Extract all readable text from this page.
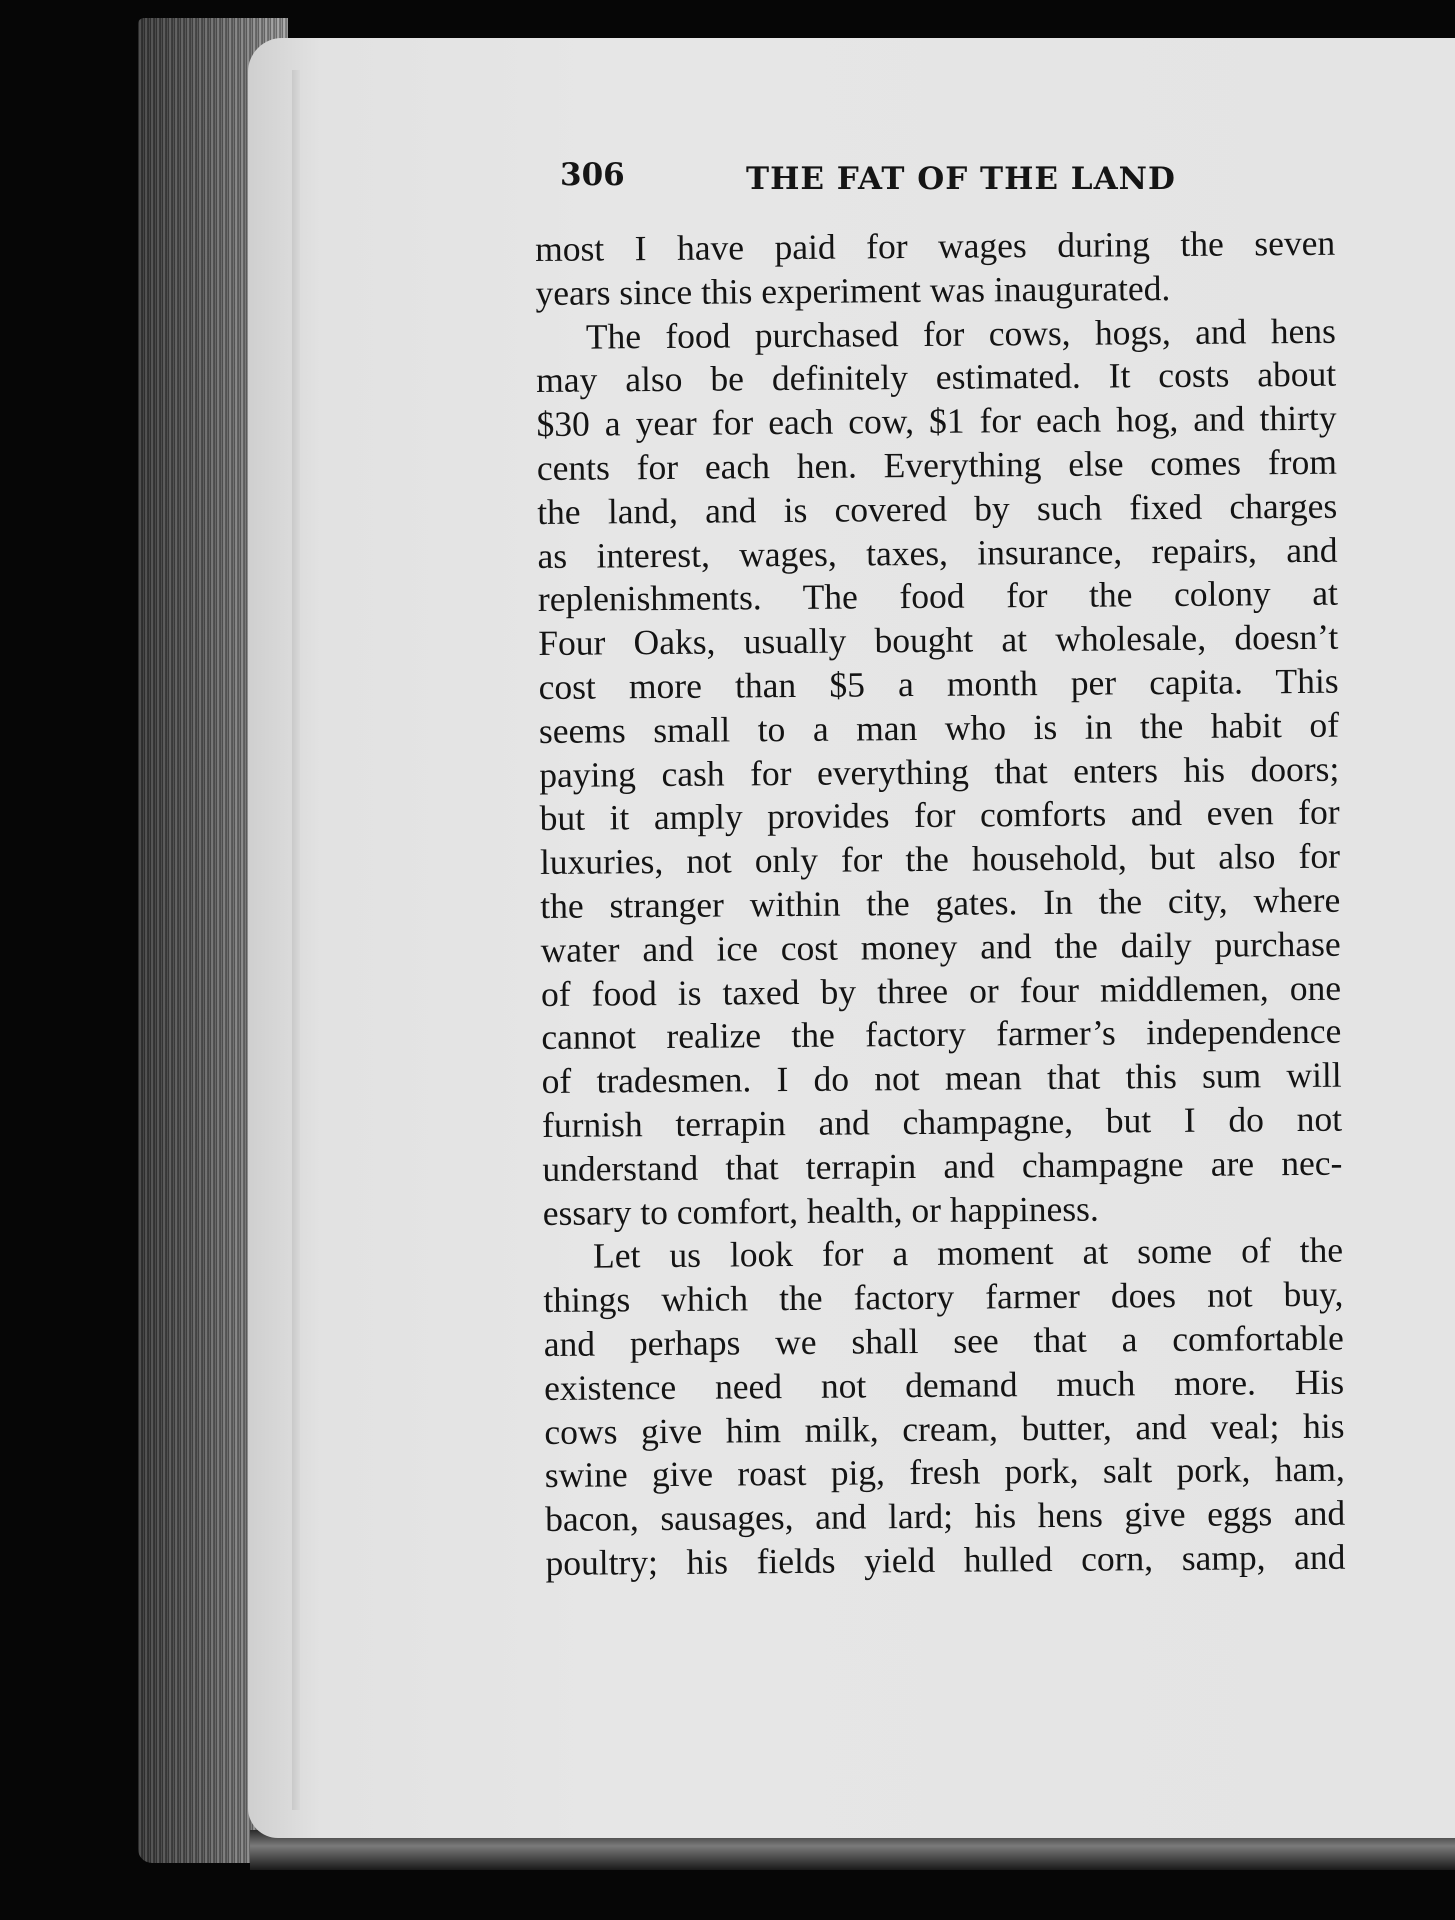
306	THE FAT OF THE LAND
most I have paid for wages during the seven
years since this experiment was inaugurated.
The food purchased for cows, hogs, and hens
may also be definitely estimated. It costs about
$30 a year for each cow, $1 for each hog, and thirty
cents for each hen. Everything else comes from
the land, and is covered by such fixed charges
as interest, wages, taxes, insurance, repairs, and
replenishments. The food for the colony at
Four Oaks, usually bought at wholesale, doesn’t
cost more than $5 a month per capita. This
seems small to a man who is in the habit of
paying cash for everything that enters his doors;
but it amply provides for comforts and even for
luxuries, not only for the household, but also for
the stranger within the gates. In the city, where
water and ice cost money and the daily purchase
of food is taxed by three or four middlemen, one
cannot realize the factory farmer’s independence
of tradesmen. I do not mean that this sum will
furnish terrapin and champagne, but I do not
understand that terrapin and champagne are nec-
essary to comfort, health, or happiness.
Let us look for a moment at some of the
things which the factory farmer does not buy,
and perhaps we shall see that a comfortable
existence need not demand much more. His
cows give him milk, cream, butter, and veal; his
swine give roast pig, fresh pork, salt pork, ham,
bacon, sausages, and lard; his hens give eggs and
poultry; his fields yield hulled corn, samp, and
